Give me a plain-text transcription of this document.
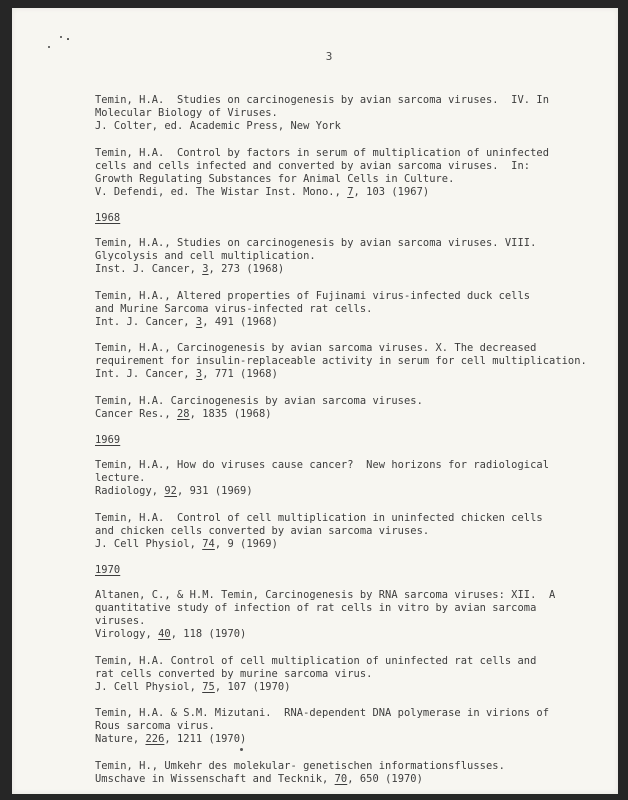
3
Temin, H.A.  Studies on carcinogenesis by avian sarcoma viruses.  IV. In
Molecular Biology of Viruses.
J. Colter, ed. Academic Press, New York
Temin, H.A.  Control by factors in serum of multiplication of uninfected
cells and cells infected and converted by avian sarcoma viruses.  In:
Growth Regulating Substances for Animal Cells in Culture.
V. Defendi, ed. The Wistar Inst. Mono., 7, 103 (1967)
1968
Temin, H.A., Studies on carcinogenesis by avian sarcoma viruses. VIII.
Glycolysis and cell multiplication.
Inst. J. Cancer, 3, 273 (1968)
Temin, H.A., Altered properties of Fujinami virus-infected duck cells
and Murine Sarcoma virus-infected rat cells.
Int. J. Cancer, 3, 491 (1968)
Temin, H.A., Carcinogenesis by avian sarcoma viruses. X. The decreased
requirement for insulin-replaceable activity in serum for cell multiplication.
Int. J. Cancer, 3, 771 (1968)
Temin, H.A. Carcinogenesis by avian sarcoma viruses.
Cancer Res., 28, 1835 (1968)
1969
Temin, H.A., How do viruses cause cancer?  New horizons for radiological
lecture.
Radiology, 92, 931 (1969)
Temin, H.A.  Control of cell multiplication in uninfected chicken cells
and chicken cells converted by avian sarcoma viruses.
J. Cell Physiol, 74, 9 (1969)
1970
Altanen, C., & H.M. Temin, Carcinogenesis by RNA sarcoma viruses: XII.  A
quantitative study of infection of rat cells in vitro by avian sarcoma
viruses.
Virology, 40, 118 (1970)
Temin, H.A. Control of cell multiplication of uninfected rat cells and
rat cells converted by murine sarcoma virus.
J. Cell Physiol, 75, 107 (1970)
Temin, H.A. & S.M. Mizutani.  RNA-dependent DNA polymerase in virions of
Rous sarcoma virus.
Nature, 226, 1211 (1970)
Temin, H., Umkehr des molekular- genetischen informationsflusses.
Umschave in Wissenschaft and Tecknik, 70, 650 (1970)
